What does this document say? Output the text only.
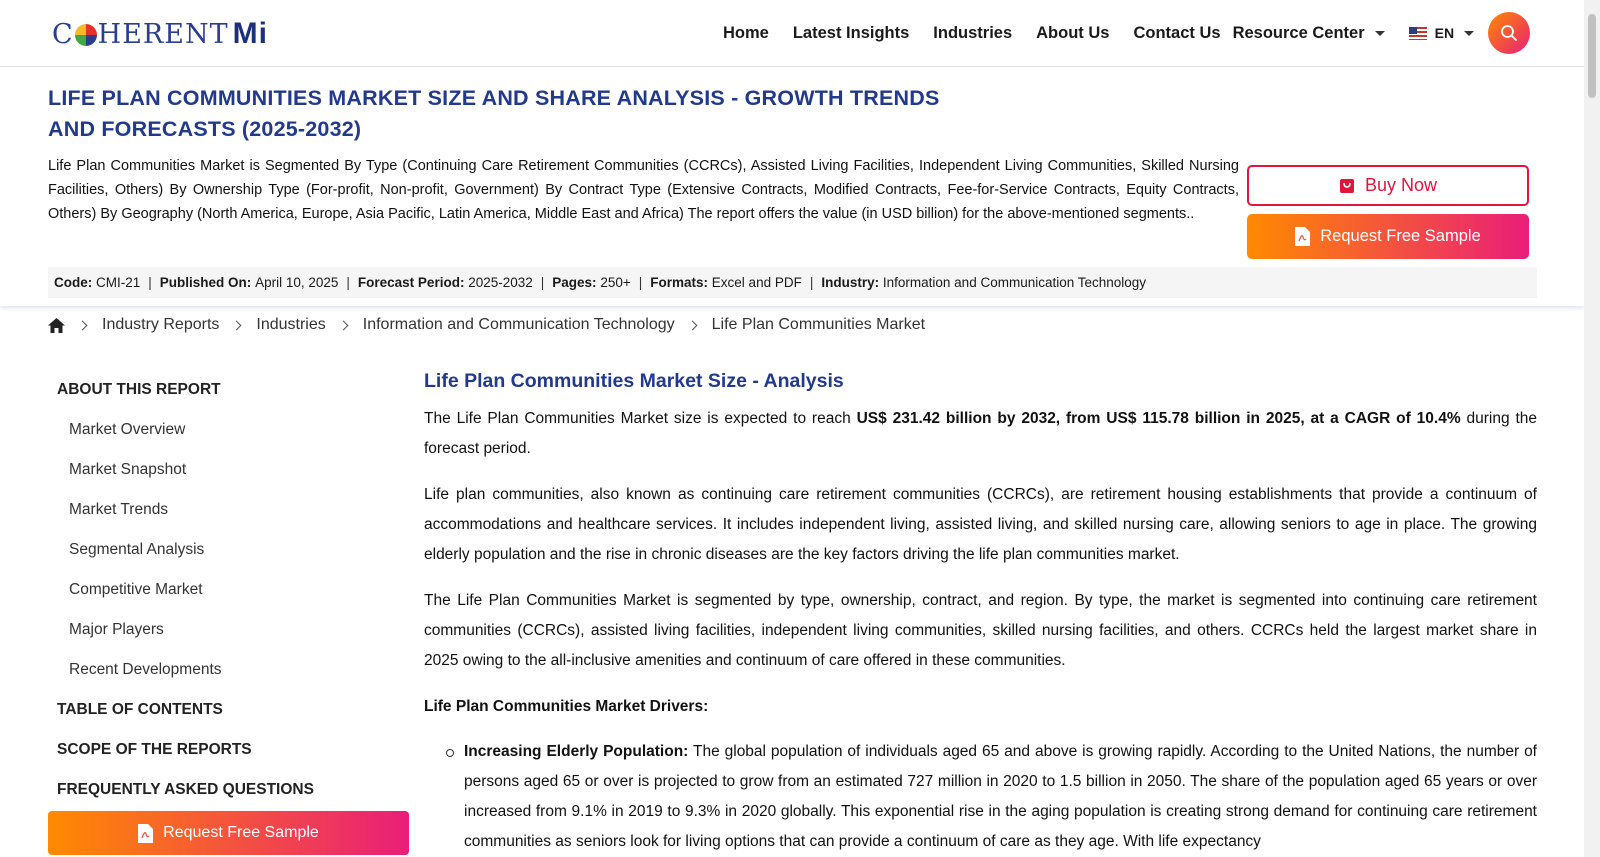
C HERENT Mi	Home Latest Insights Industries About Us Contact Us Resource Center	EN
LIFE PLAN COMMUNITIES MARKET SIZE AND SHARE ANALYSIS - GROWTH TRENDS
AND FORECASTS (2025-2032)
Life Plan Communities Market is Segmented By Type (Continuing Care Retirement Communities (CCRCs), Assisted Living Facilities, Independent Living Communities, Skilled Nursing Facilities, Others) By Ownership Type (For-profit, Non-profit, Government) By Contract Type (Extensive Contracts, Modified Contracts, Fee-for-Service Contracts, Equity Contracts, Others) By Geography (North America, Europe, Asia Pacific, Latin America, Middle East and Africa) The report offers the value (in USD billion) for the above-mentioned segments..
Buy Now
Request Free Sample
Code:
CMI-21 | Published On:
April 10, 2025 | Forecast Period:
2025-2032 | Pages:
250+ | Formats:
Excel and PDF | Industry:
Information and Communication Technology
Industry Reports Industries Information and Communication Technology Life Plan Communities Market
ABOUT THIS REPORT
Market Overview
Market Snapshot
Market Trends
Segmental Analysis
Competitive Market
Major Players
Recent Developments
TABLE OF CONTENTS
SCOPE OF THE REPORTS
FREQUENTLY ASKED QUESTIONS
Request Free Sample
Life Plan Communities Market Size - Analysis

The Life Plan Communities Market size is expected to reach US$ 231.42 billion by 2032, from US$ 115.78 billion in 2025, at a CAGR of 10.4% during the forecast period.

Life plan communities, also known as continuing care retirement communities (CCRCs), are retirement housing establishments that provide a continuum of accommodations and healthcare services. It includes independent living, assisted living, and skilled nursing care, allowing seniors to age in place. The growing elderly population and the rise in chronic diseases are the key factors driving the life plan communities market.

The Life Plan Communities Market is segmented by type, ownership, contract, and region. By type, the market is segmented into continuing care retirement communities (CCRCs), assisted living facilities, independent living communities, skilled nursing facilities, and others. CCRCs held the largest market share in 2025 owing to the all-inclusive amenities and continuum of care offered in these communities.

Life Plan Communities Market Drivers:
Increasing Elderly Population: The global population of individuals aged 65 and above is growing rapidly. According to the United Nations, the number of persons aged 65 or over is projected to grow from an estimated 727 million in 2020 to 1.5 billion in 2050. The share of the population aged 65 years or over increased from 9.1% in 2019 to 9.3% in 2020 globally. This exponential rise in the aging population is creating strong demand for continuing care retirement communities as seniors look for living options that can provide a continuum of care as they age. With life expectancy
